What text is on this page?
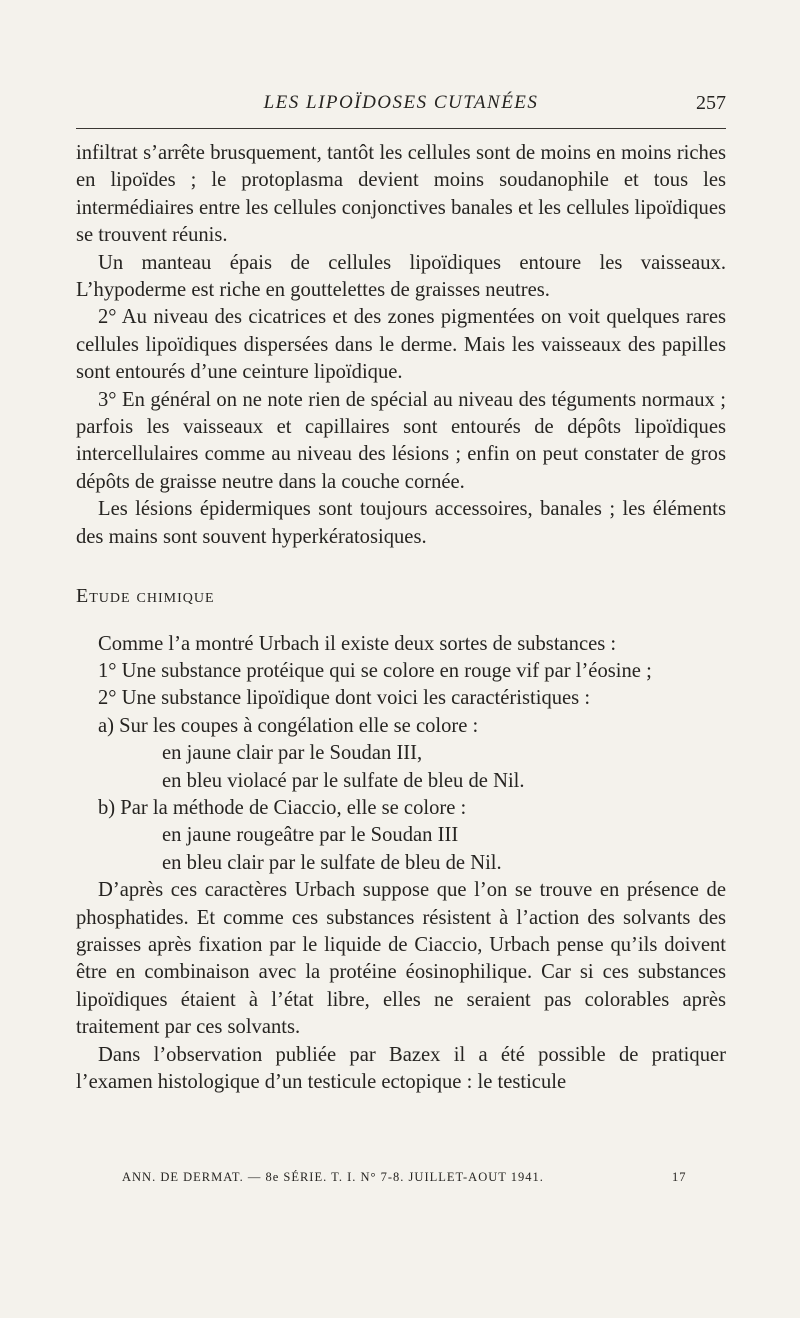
LES LIPOÏDOSES CUTANÉES	257

infiltrat s’arrête brusquement, tantôt les cellules sont de moins en moins riches en lipoïdes ; le protoplasma devient moins soudanophile et tous les intermédiaires entre les cellules conjonctives banales et les cellules lipoïdiques se trouvent réunis.

Un manteau épais de cellules lipoïdiques entoure les vaisseaux. L’hypoderme est riche en gouttelettes de graisses neutres.

2° Au niveau des cicatrices et des zones pigmentées on voit quelques rares cellules lipoïdiques dispersées dans le derme. Mais les vaisseaux des papilles sont entourés d’une ceinture lipoïdique.

3° En général on ne note rien de spécial au niveau des téguments normaux ; parfois les vaisseaux et capillaires sont entourés de dépôts lipoïdiques intercellulaires comme au niveau des lésions ; enfin on peut constater de gros dépôts de graisse neutre dans la couche cornée.

Les lésions épidermiques sont toujours accessoires, banales ; les éléments des mains sont souvent hyperkératosiques.

Etude chimique

Comme l’a montré Urbach il existe deux sortes de substances :

1° Une substance protéique qui se colore en rouge vif par l’éosine ;

2° Une substance lipoïdique dont voici les caractéristiques :

a) Sur les coupes à congélation elle se colore :

en jaune clair par le Soudan III,

en bleu violacé par le sulfate de bleu de Nil.

b) Par la méthode de Ciaccio, elle se colore :

en jaune rougeâtre par le Soudan III

en bleu clair par le sulfate de bleu de Nil.

D’après ces caractères Urbach suppose que l’on se trouve en présence de phosphatides. Et comme ces substances résistent à l’action des solvants des graisses après fixation par le liquide de Ciaccio, Urbach pense qu’ils doivent être en combinaison avec la protéine éosinophilique. Car si ces substances lipoïdiques étaient à l’état libre, elles ne seraient pas colorables après traitement par ces solvants.

Dans l’observation publiée par Bazex il a été possible de pratiquer l’examen histologique d’un testicule ectopique : le testicule

ANN. DE DERMAT. — 8e SÉRIE. T. I. N° 7-8. JUILLET-AOUT 1941.	17
